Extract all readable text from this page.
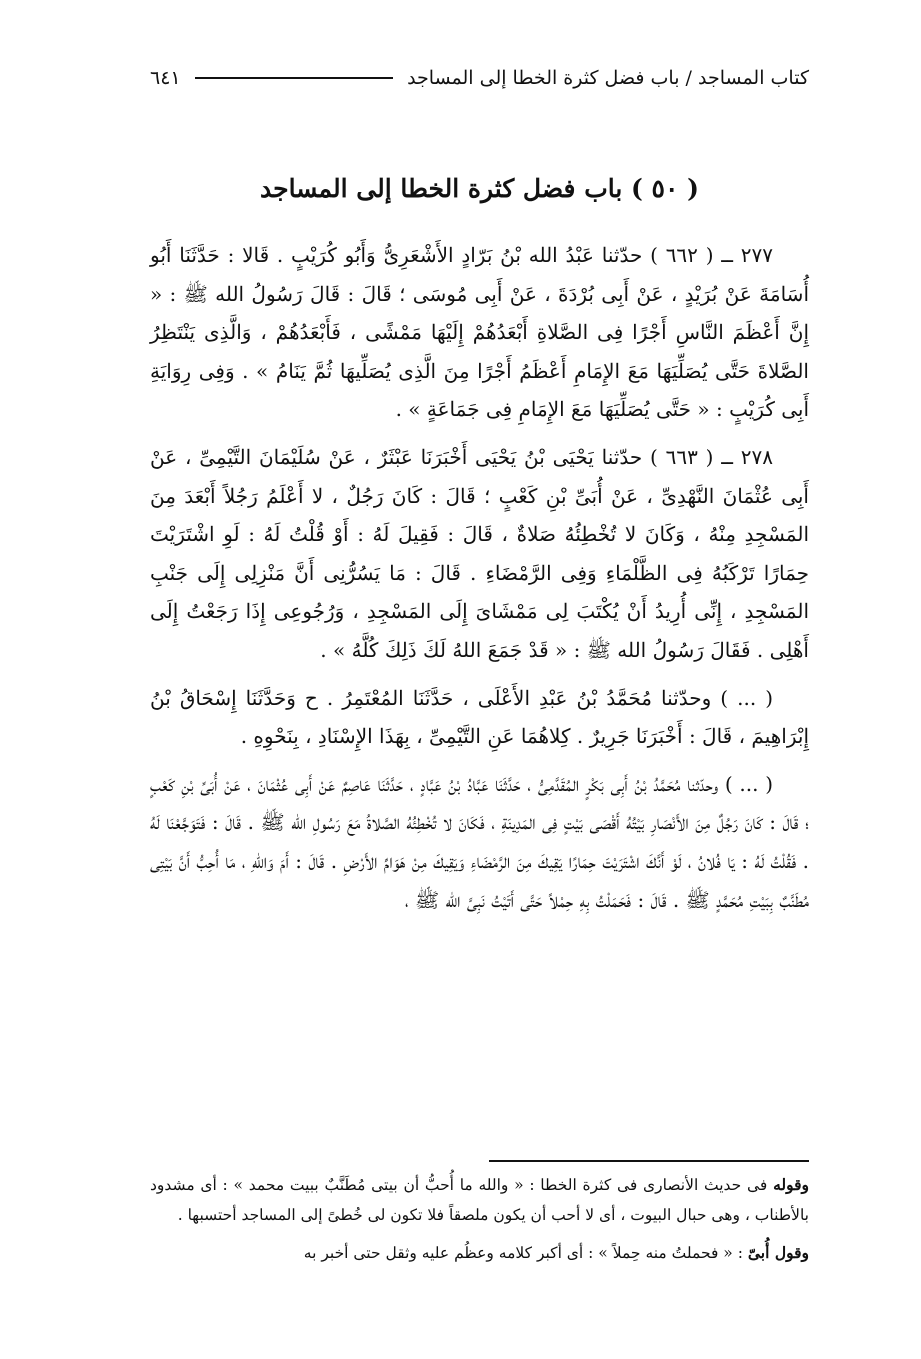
كتاب المساجد / باب فضل كثرة الخطا إلى المساجد
٦٤١
( ٥٠ ) باب فضل كثرة الخطا إلى المساجد

٢٧٧ ــ ( ٦٦٢ ) حدّثنا عَبْدُ الله بْنُ بَرّادٍ الأَشْعَرِىُّ وَأَبُو كُرَيْبٍ . قَالا : حَدَّثَنَا أَبُو أُسَامَةَ عَنْ بُرَيْدٍ ، عَنْ أَبِى بُرْدَةَ ، عَنْ أَبِى مُوسَى ؛ قَالَ : قَالَ رَسُولُ الله ﷺ : « إِنَّ أَعْظَمَ النَّاسِ أَجْرًا فِى الصَّلاةِ أَبْعَدُهُمْ إِلَيْهَا مَمْشًى ، فَأَبْعَدُهُمْ ، وَالَّذِى يَنْتَظِرُ الصَّلاةَ حَتَّى يُصَلِّيَهَا مَعَ الإِمَامِ أَعْظَمُ أَجْرًا مِنَ الَّذِى يُصَلِّيهَا ثُمَّ يَنَامُ » . وَفِى رِوَايَةِ أَبِى كُرَيْبٍ : « حَتَّى يُصَلِّيَهَا مَعَ الإِمَامِ فِى جَمَاعَةٍ » .

٢٧٨ ــ ( ٦٦٣ ) حدّثنا يَحْيَى بْنُ يَحْيَى أَخْبَرَنَا عَبْثَرٌ ، عَنْ سُلَيْمَانَ التَّيْمِىِّ ، عَنْ أَبِى عُثْمَانَ النَّهْدِىِّ ، عَنْ أُبَىِّ بْنِ كَعْبٍ ؛ قَالَ : كَانَ رَجُلٌ ، لا أَعْلَمُ رَجُلاً أَبْعَدَ مِنَ المَسْجِدِ مِنْهُ ، وَكَانَ لا تُخْطِئُهُ صَلاةٌ ، قَالَ : فَقِيلَ لَهُ : أَوْ قُلْتُ لَهُ : لَوِ اشْتَرَيْتَ حِمَارًا تَرْكَبُهُ فِى الظَّلْمَاءِ وَفِى الرَّمْضَاءِ . قَالَ : مَا يَسُرُّنِى أَنَّ مَنْزِلِى إِلَى جَنْبِ المَسْجِدِ ، إِنِّى أُرِيدُ أَنْ يُكْتَبَ لِى مَمْشَاىَ إِلَى المَسْجِدِ ، وَرُجُوعِى إِذَا رَجَعْتُ إِلَى أَهْلِى . فَقَالَ رَسُولُ الله ﷺ : « قَدْ جَمَعَ اللهُ لَكَ ذَلِكَ كُلَّهُ » .

( ... ) وحدّثنا مُحَمَّدُ بْنُ عَبْدِ الأَعْلَى ، حَدَّثَنَا المُعْتَمِرُ . ح وَحَدَّثَنَا إِسْحَاقُ بْنُ إِبْرَاهِيمَ ، قَالَ : أَخْبَرَنَا جَرِيرٌ . كِلاهُمَا عَنِ التَّيْمِىِّ ، بِهَذَا الإِسْنَادِ ، بِنَحْوِهِ .

( ... ) وحدّثنا مُحَمَّدُ بْنُ أَبِى بَكْرٍ المُقَدَّمِىُّ ، حَدَّثَنَا عَبَّادُ بْنُ عَبَّادٍ ، حَدَّثَنَا عَاصِمٌ عَنْ أَبِى عُثْمَانَ ، عَنْ أُبَىِّ بْنِ كَعْبٍ ؛ قَالَ : كَانَ رَجُلٌ مِنَ الأَنْصَارِ بَيْتُهُ أَقْصَى بَيْتٍ فِى المَدِينَةِ ، فَكَانَ لا تُخْطِئُهُ الصَّلاةُ مَعَ رَسُولِ الله ﷺ . قَالَ : فَتَوَجَّعْنَا لَهُ . فَقُلْتُ لَهُ : يَا فُلانُ ، لَوْ أَنَّكَ اشْتَرَيْتَ حِمَارًا يَقِيكَ مِنَ الرَّمْضَاءِ وَيَقِيكَ مِنْ هَوَامِّ الأَرْضِ . قَالَ : أَمَ وَاللهِ ، مَا أُحِبُّ أَنَّ بَيْتِى مُطَنَّبٌ بِبَيْتِ مُحَمَّدٍ ﷺ . قَالَ : فَحَمَلْتُ بِهِ حِمْلاً حَتَّى أَتَيْتُ نَبِىَّ الله ﷺ ،

وقوله فى حديث الأنصارى فى كثرة الخطا : « والله ما أُحبُّ أن بيتى مُطَنَّبٌ ببيت محمد » : أى مشدود بالأطناب ، وهى حبال البيوت ، أى لا أحب أن يكون ملصقاً فلا تكون لى خُطىً إلى المساجد أحتسبها .

وقول أُبىّ : « فحملتُ منه حِملاً » : أى أكبر كلامه وعظُم عليه وثقل حتى أخبر به
